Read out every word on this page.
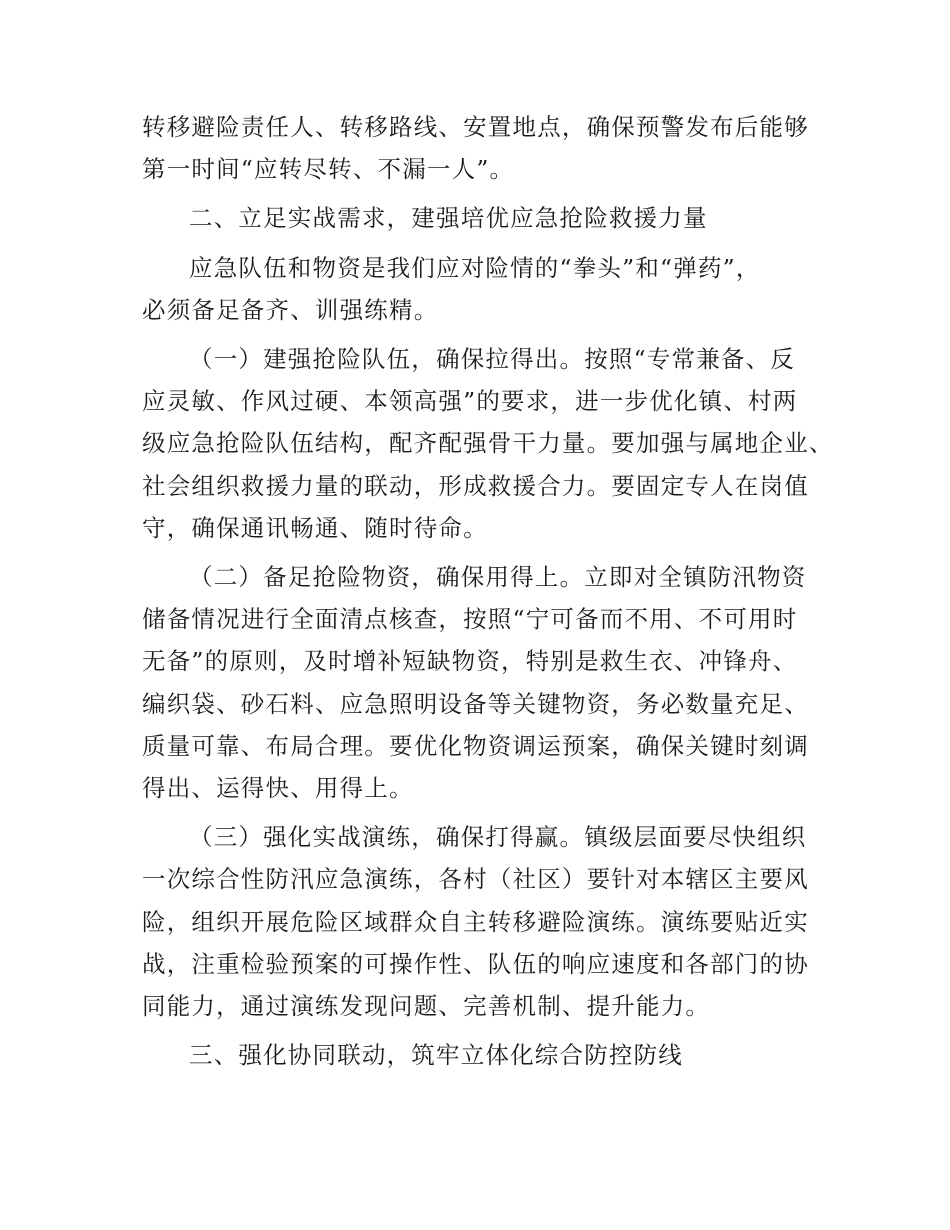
转移避险责任人、转移路线、安置地点，确保预警发布后能够
第一时间“应转尽转、不漏一人”。

二、立足实战需求，建强培优应急抢险救援力量

应急队伍和物资是我们应对险情的“拳头”和“弹药”，
必须备足备齐、训强练精。

（一）建强抢险队伍，确保拉得出。按照“专常兼备、反
应灵敏、作风过硬、本领高强”的要求，进一步优化镇、村两
级应急抢险队伍结构，配齐配强骨干力量。要加强与属地企业、
社会组织救援力量的联动，形成救援合力。要固定专人在岗值
守，确保通讯畅通、随时待命。

（二）备足抢险物资，确保用得上。立即对全镇防汛物资
储备情况进行全面清点核查，按照“宁可备而不用、不可用时
无备”的原则，及时增补短缺物资，特别是救生衣、冲锋舟、
编织袋、砂石料、应急照明设备等关键物资，务必数量充足、
质量可靠、布局合理。要优化物资调运预案，确保关键时刻调
得出、运得快、用得上。

（三）强化实战演练，确保打得赢。镇级层面要尽快组织
一次综合性防汛应急演练，各村（社区）要针对本辖区主要风
险，组织开展危险区域群众自主转移避险演练。演练要贴近实
战，注重检验预案的可操作性、队伍的响应速度和各部门的协
同能力，通过演练发现问题、完善机制、提升能力。

三、强化协同联动，筑牢立体化综合防控防线
